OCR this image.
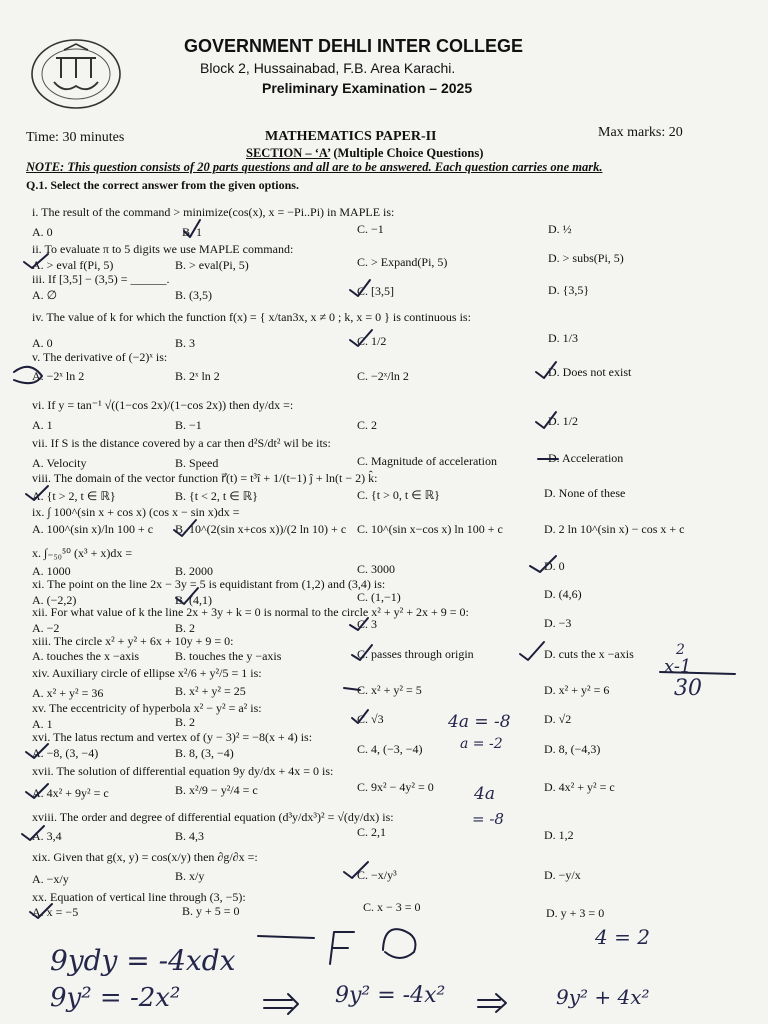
GOVERNMENT DEHLI INTER COLLEGE
Block 2, Hussainabad, F.B. Area Karachi.
Preliminary Examination – 2025
Time: 30 minutes	MATHEMATICS PAPER-II	Max marks: 20
SECTION – ‘A’ (Multiple Choice Questions)
NOTE: This question consists of 20 parts questions and all are to be answered. Each question carries one mark.
Q.1. Select the correct answer from the given options.
i. The result of the command > minimize(cos(x), x = −Pi..Pi) in MAPLE is:
A. 0	B. 1	C. −1	D. ½
ii. To evaluate π to 5 digits we use MAPLE command:
A. > eval f(Pi, 5)	B. > eval(Pi, 5)	C. > Expand(Pi, 5)	D. > subs(Pi, 5)
iii. If [3,5] − (3,5) = ______.
A. ∅	B. (3,5)	C. [3,5]	D. {3,5}
iv. The value of k for which the function f(x) = { x/tan3x, x ≠ 0 ; k, x = 0 } is continuous is:
A. 0	B. 3	C. 1/2	D. 1/3
v. The derivative of (−2)ˣ is:
A. −2ˣ ln 2	B. 2ˣ ln 2	C. −2ˣ/ln 2	D. Does not exist
vi. If y = tan⁻¹ √((1−cos 2x)/(1−cos 2x)) then dy/dx =:
A. 1	B. −1	C. 2	D. 1/2
vii. If S is the distance covered by a car then d²S/dt² wil be its:
A. Velocity	B. Speed	C. Magnitude of acceleration	D. Acceleration
viii. The domain of the vector function r⃗(t) = t³î + 1/(t−1) ĵ + ln(t − 2) k̂:
A. {t > 2, t ∈ ℝ}	B. {t < 2, t ∈ ℝ}	C. {t > 0, t ∈ ℝ}	D. None of these
ix. ∫ 100^(sin x + cos x) (cos x − sin x)dx =
A. 100^(sin x)/ln 100 + c B. 10^(2(sin x+cos x))/(2 ln 10) + c C. 10^(sin x−cos x) ln 100 + c	D. 2 ln 10^(sin x) − cos x + c
x. ∫₋₅₀⁵⁰ (x³ + x)dx =
A. 1000	B. 2000	C. 3000	D. 0
xi. The point on the line 2x − 3y = 5 is equidistant from (1,2) and (3,4) is:
A. (−2,2)	B. (4,1)	C. (1,−1)	D. (4,6)
xii. For what value of k the line 2x + 3y + k = 0 is normal to the circle x² + y² + 2x + 9 = 0:
A. −2	B. 2	C. 3	D. −3
xiii. The circle x² + y² + 6x + 10y + 9 = 0:
A. touches the x −axis	B. touches the y −axis	C. passes through origin	D. cuts the x −axis
xiv. Auxiliary circle of ellipse x²/6 + y²/5 = 1 is:
A. x² + y² = 36	B. x² + y² = 25	C. x² + y² = 5	D. x² + y² = 6
xv. The eccentricity of hyperbola x² − y² = a² is:
A. 1	B. 2	C. √3	D. √2
xvi. The latus rectum and vertex of (y − 3)² = −8(x + 4) is:
A. −8, (3, −4)	B. 8, (3, −4)	C. 4, (−3, −4)	D. 8, (−4,3)
xvii. The solution of differential equation 9y dy/dx + 4x = 0 is:
A. 4x² + 9y² = c	B. x²/9 − y²/4 = c	C. 9x² − 4y² = 0	D. 4x² + y² = c
xviii. The order and degree of differential equation (d³y/dx³)² = √(dy/dx) is:
A. 3,4	B. 4,3	C. 2,1	D. 1,2
xix. Given that g(x, y) = cos(x/y) then ∂g/∂x =:
A. −x/y	B. x/y	C. −x/y³	D. −y/x
xx. Equation of vertical line through (3, −5):
A. x = −5	B. y + 5 = 0	C. x − 3 = 0	D. y + 3 = 0
2
x-1
30
4a = -8
a = -2
4a
= -8
9ydy = -4xdx
9y² = -2x²	9y² = -4x²	9y² + 4x²
4 = 2
